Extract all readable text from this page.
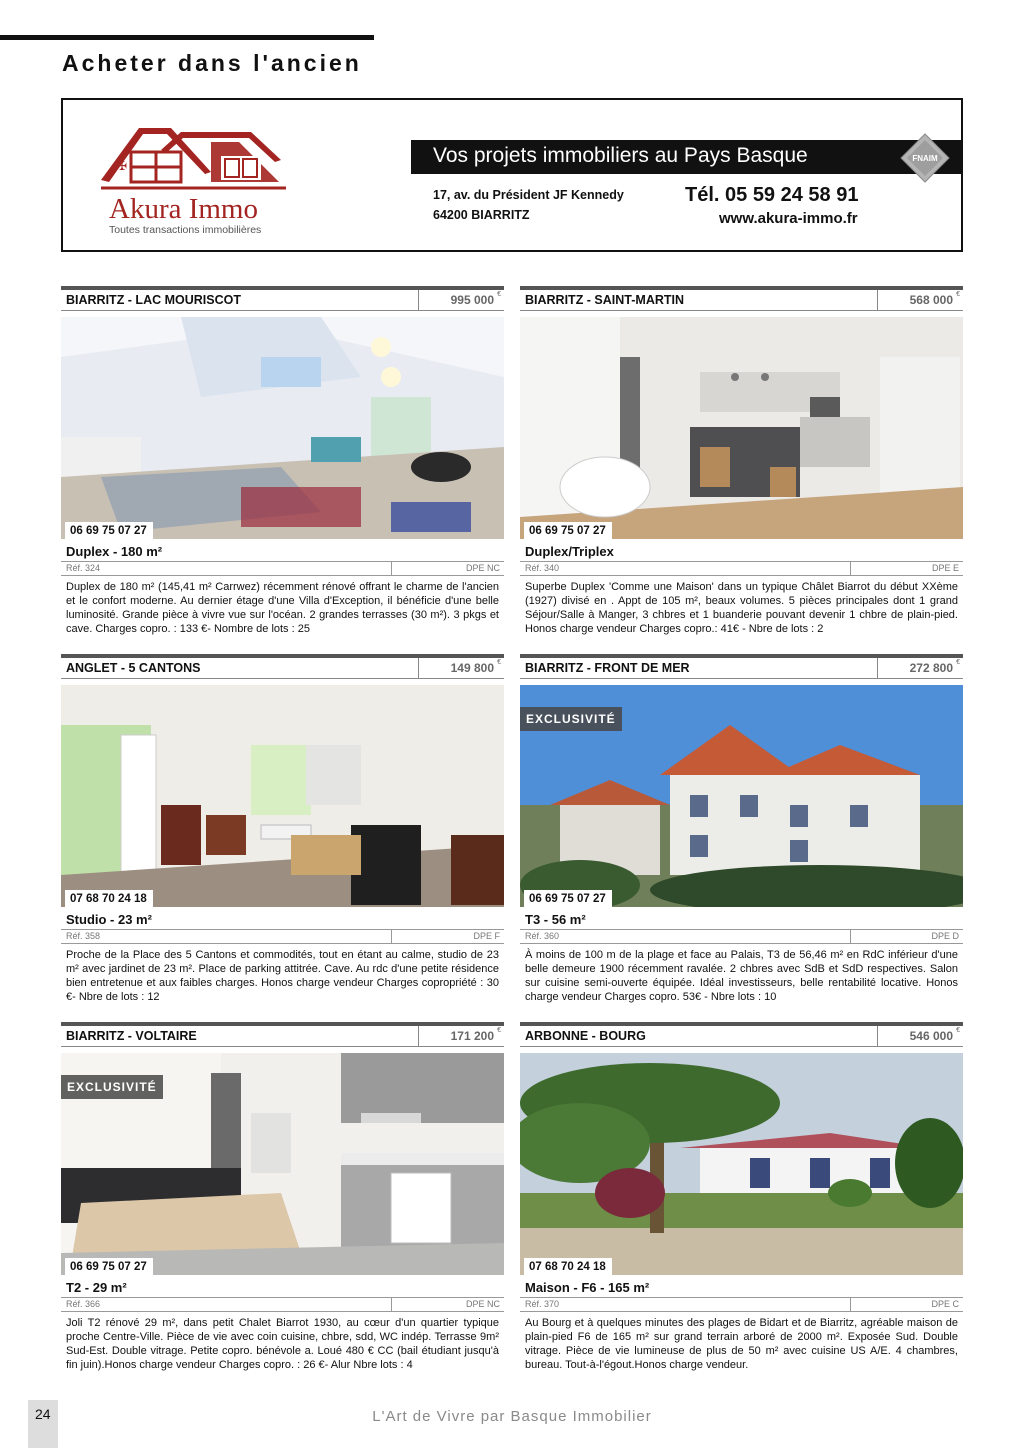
Acheter dans l'ancien
✠
Akura Immo
Toutes transactions immobilières
Vos projets immobiliers au Pays Basque	FNAIM
17, av. du Président JF Kennedy
64200 BIARRITZ
Tél. 05 59 24 58 91
www.akura-immo.fr
BIARRITZ - LAC MOURISCOT	995 000 €
06 69 75 07 27
Duplex - 180 m²
Réf. 324	DPE NC
Duplex de 180 m² (145,41 m² Carrwez) récemment rénové offrant le charme de l'ancien et le confort moderne. Au dernier étage d'une Villa d'Exception, il bénéficie d'une belle luminosité. Grande pièce à vivre vue sur l'océan. 2 grandes terrasses (30 m²). 3 pkgs et cave. Charges copro. : 133 €- Nombre de lots : 25
BIARRITZ - SAINT-MARTIN	568 000 €
06 69 75 07 27
Duplex/Triplex
Réf. 340	DPE E
Superbe Duplex 'Comme une Maison' dans un typique Châlet Biarrot du début XXème (1927) divisé en . Appt de 105 m², beaux volumes. 5 pièces principales dont 1 grand Séjour/Salle à Manger, 3 chbres et 1 buanderie pouvant devenir 1 chbre de plain-pied. Honos charge vendeur Charges copro.: 41€ - Nbre de lots : 2
ANGLET - 5 CANTONS	149 800 €
07 68 70 24 18
Studio - 23 m²
Réf. 358	DPE F
Proche de la Place des 5 Cantons et commodités, tout en étant au calme, studio de 23 m² avec jardinet de 23 m². Place de parking attitrée. Cave. Au rdc d'une petite résidence bien entretenue et aux faibles charges. Honos charge vendeur Charges copropriété : 30 €- Nbre de lots : 12
BIARRITZ - FRONT DE MER	272 800 €
EXCLUSIVITÉ
06 69 75 07 27
T3 - 56 m²
Réf. 360	DPE D
À moins de 100 m de la plage et face au Palais, T3 de 56,46 m² en RdC inférieur d'une belle demeure 1900 récemment ravalée. 2 chbres avec SdB et SdD respectives. Salon sur cuisine semi-ouverte équipée. Idéal investisseurs, belle rentabilité locative. Honos charge vendeur Charges copro. 53€ - Nbre lots : 10
BIARRITZ - VOLTAIRE	171 200 €
EXCLUSIVITÉ
06 69 75 07 27
T2 - 29 m²
Réf. 366	DPE NC
Joli T2 rénové 29 m², dans petit Chalet Biarrot 1930, au cœur d'un quartier typique proche Centre-Ville. Pièce de vie avec coin cuisine, chbre, sdd, WC indép. Terrasse 9m² Sud-Est. Double vitrage. Petite copro. bénévole a. Loué 480 € CC (bail étudiant jusqu'à fin juin).Honos charge vendeur Charges copro. : 26 €- Alur Nbre lots : 4
ARBONNE - BOURG	546 000 €
07 68 70 24 18
Maison - F6 - 165 m²
Réf. 370	DPE C
Au Bourg et à quelques minutes des plages de Bidart et de Biarritz, agréable maison de plain-pied F6 de 165 m² sur grand terrain arboré de 2000 m². Exposée Sud. Double vitrage. Pièce de vie lumineuse de plus de 50 m² avec cuisine US A/E. 4 chambres, bureau. Tout-à-l'égout.Honos charge vendeur.
24	L'Art de Vivre par Basque Immobilier
